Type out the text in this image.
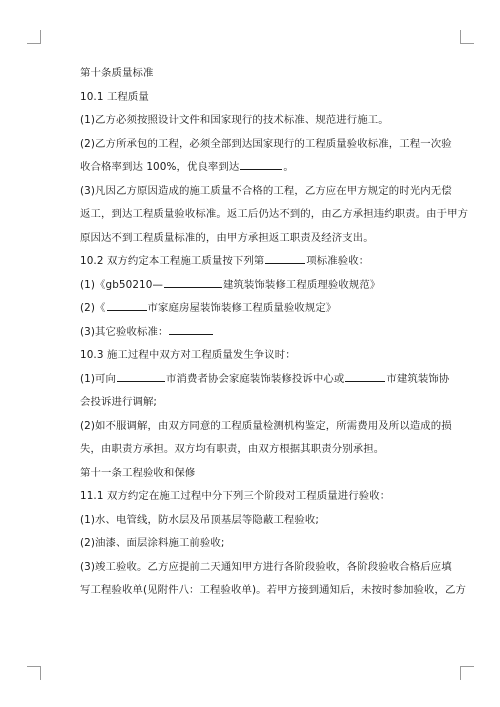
第十条质量标准

10.1 工程质量

(1)乙方必须按照设计文件和国家现行的技术标准、规范进行施工。

(2)乙方所承包的工程，必须全部到达国家现行的工程质量验收标准，工程一次验

收合格率到达 100%，优良率到达	。

(3)凡因乙方原因造成的施工质量不合格的工程，乙方应在甲方规定的时光内无偿

返工，到达工程质量验收标准。返工后仍达不到的，由乙方承担违约职责。由于甲方

原因达不到工程质量标准的，由甲方承担返工职责及经济支出。

10.2 双方约定本工程施工质量按下列第	项标准验收：

(1)《gb50210—	建筑装饰装修工程质理验收规范》

(2)《	市家庭房屋装饰装修工程质量验收规定》

(3)其它验收标准：

10.3 施工过程中双方对工程质量发生争议时：

(1)可向	市消费者协会家庭装饰装修投诉中心或	市建筑装饰协

会投诉进行调解;

(2)如不服调解，由双方同意的工程质量检测机构鉴定，所需费用及所以造成的损

失，由职责方承担。双方均有职责，由双方根据其职责分别承担。

第十一条工程验收和保修

11.1 双方约定在施工过程中分下列三个阶段对工程质量进行验收：

(1)水、电管线，防水层及吊顶基层等隐蔽工程验收;

(2)油漆、面层涂料施工前验收;

(3)竣工验收。乙方应提前二天通知甲方进行各阶段验收，各阶段验收合格后应填

写工程验收单(见附件八：工程验收单)。若甲方接到通知后，未按时参加验收，乙方
